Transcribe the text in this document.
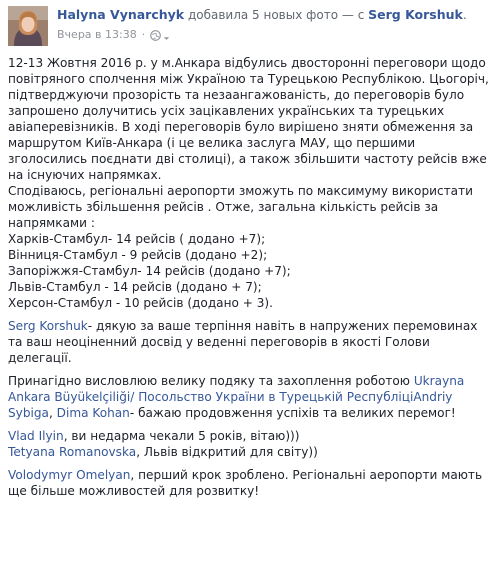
Halyna Vynarchyk добавила 5 новых фото — с Serg Korshuk.
Вчера в 13:38 ·

12-13 Жовтня 2016 р. у м.Анкара відбулись двосторонні переговори щодо повітряного сполчення між Україною та Турецькою Республікою. Цьогоріч, підтверджуючи прозорість та незаангажованість, до переговорів було запрошено долучитись усіх зацікавлених українських та турецьких авіаперевізників. В ході переговорів було вирішено зняти обмеження за маршрутом Київ-Анкара (і це велика заслуга МАУ, що першими зголосились поєднати дві столиці), а також збільшити частоту рейсів вже на існуючих напрямках.

Сподіваюсь, регіональні аеропорти зможуть по максимуму використати можливість збільшення рейсів . Отже, загальна кількість рейсів за напрямками :

Харків-Стамбул- 14 рейсів ( додано +7);
Вінниця-Стамбул - 9 рейсів (додано +2);
Запоріжжя-Стамбул- 14 рейсів (додано +7);
Львів-Стамбул - 14 рейсів (додано + 7);
Херсон-Стамбул - 10 рейсів (додано + 3).

Serg Korshuk- дякую за ваше терпіння навіть в напружених перемовинах та ваш неоціненний досвід у веденні переговорів в якості Голови делегації.

Принагідно висловлюю велику подяку та захоплення роботою Ukrayna Ankara Büyükelçiliği/ Посольство України в Турецькій РеспубліціAndriy Sybiga, Dima Kohan- бажаю продовження успіхів та великих перемог!

Vlad Ilyin, ви недарма чекали 5 років, вітаю)))

Tetyana Romanovska, Львів відкритий для світу))

Volodymyr Omelyan, перший крок зроблено. Регіональні аеропорти мають ще більше можливостей для розвитку!
